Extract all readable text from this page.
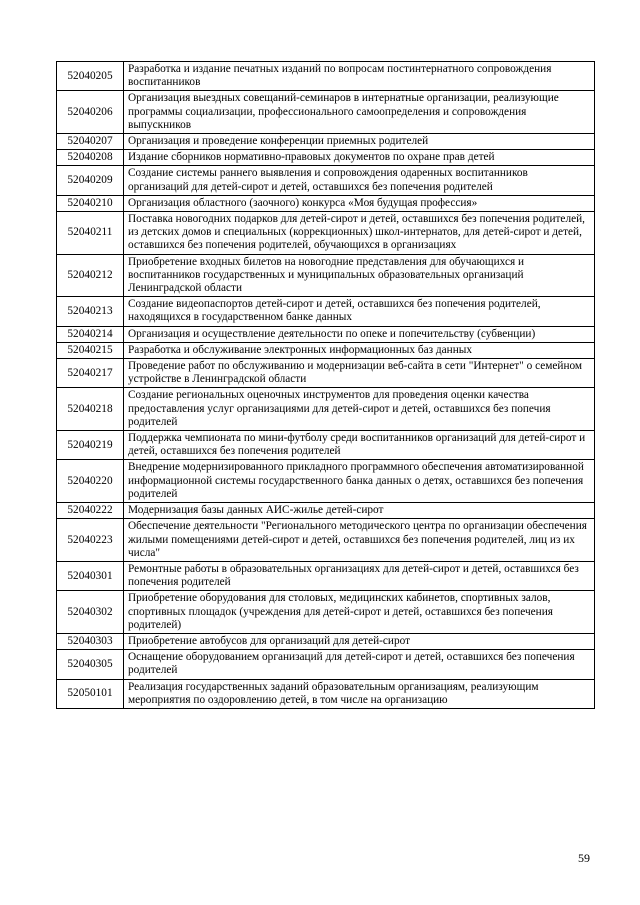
52040205	Разработка и издание печатных изданий по вопросам постинтернатного сопровождения воспитанников
52040206	Организация выездных совещаний-семинаров в интернатные организации, реализующие программы социализации, профессионального самоопределения и сопровождения выпускников
52040207	Организация и проведение конференции приемных родителей
52040208	Издание сборников нормативно-правовых документов по охране прав детей
52040209	Создание системы раннего выявления и сопровождения одаренных воспитанников организаций для детей-сирот и детей, оставшихся без попечения родителей
52040210	Организация областного (заочного) конкурса «Моя будущая профессия»
52040211	Поставка новогодних подарков для детей-сирот и детей, оставшихся без попечения родителей, из детских домов и специальных (коррекционных) школ-интернатов, для детей-сирот и детей, оставшихся без попечения родителей, обучающихся в организациях
52040212	Приобретение входных билетов на новогодние представления для обучающихся и воспитанников государственных и муниципальных образовательных организаций Ленинградской области
52040213	Создание видеопаспортов детей-сирот и детей, оставшихся без попечения родителей, находящихся в государственном банке данных
52040214	Организация и осуществление деятельности по опеке и попечительству (субвенции)
52040215	Разработка и обслуживание электронных информационных баз данных
52040217	Проведение работ по обслуживанию и модернизации веб-сайта в сети "Интернет" о семейном устройстве в Ленинградской области
52040218	Создание региональных оценочных инструментов для проведения оценки качества предоставления услуг организациями для детей-сирот и детей, оставшихся без попечия родителей
52040219	Поддержка чемпионата по мини-футболу среди воспитанников организаций для детей-сирот и детей, оставшихся без попечения родителей
52040220	Внедрение модернизированного прикладного программного обеспечения автоматизированной информационной системы государственного банка данных о детях, оставшихся без попечения родителей
52040222	Модернизация базы данных АИС-жилье детей-сирот
52040223	Обеспечение деятельности "Регионального методического центра по организации обеспечения жилыми помещениями детей-сирот и детей, оставшихся без попечения родителей, лиц из их числа"
52040301	Ремонтные работы в образовательных организациях для детей-сирот и детей, оставшихся без попечения родителей
52040302	Приобретение оборудования для столовых, медицинских кабинетов, спортивных залов, спортивных площадок (учреждения для детей-сирот и детей, оставшихся без попечения родителей)
52040303	Приобретение автобусов для организаций для детей-сирот
52040305	Оснащение оборудованием организаций для детей-сирот и детей, оставшихся без попечения родителей
52050101	Реализация государственных заданий образовательным организациям, реализующим мероприятия по оздоровлению детей, в том числе на организацию
59
